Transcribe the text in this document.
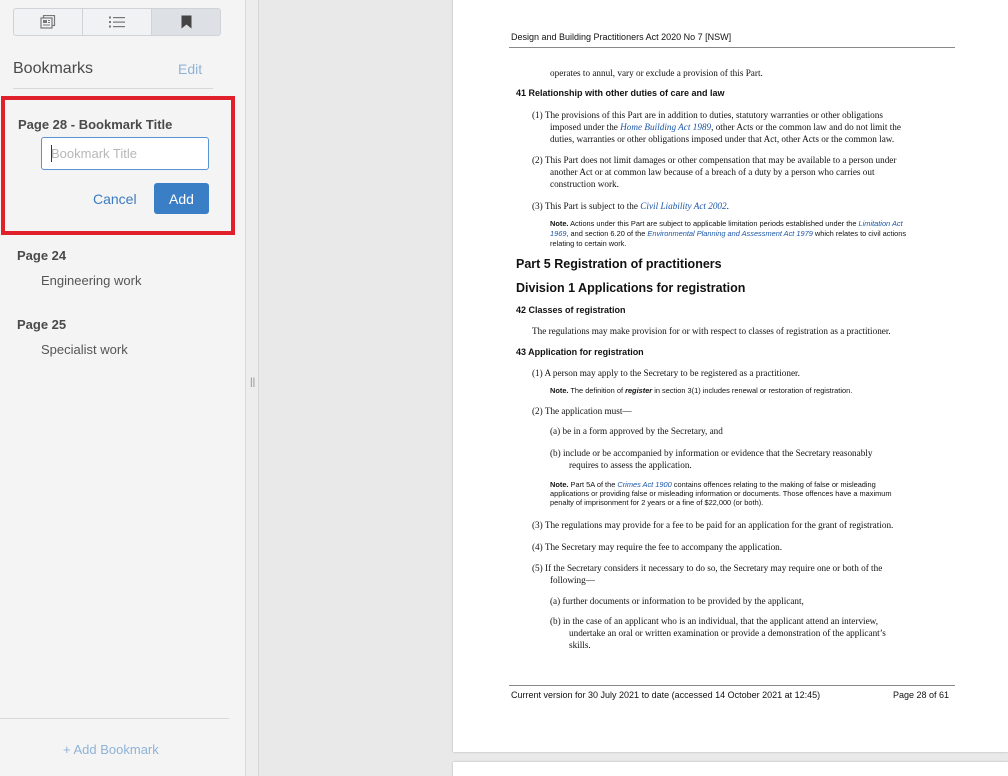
Bookmarks	Edit
Page 28 - Bookmark Title
Bookmark Title
Cancel	Add
Page 24
Engineering work
Page 25
Specialist work
+ Add Bookmark
||
Design and Building Practitioners Act 2020 No 7 [NSW]
operates to annul, vary or exclude a provision of this Part.
41 Relationship with other duties of care and law
(1) The provisions of this Part are in addition to duties, statutory warranties or other obligations
imposed under the Home Building Act 1989, other Acts or the common law and do not limit the
duties, warranties or other obligations imposed under that Act, other Acts or the common law.
(2) This Part does not limit damages or other compensation that may be available to a person under
another Act or at common law because of a breach of a duty by a person who carries out
construction work.
(3) This Part is subject to the Civil Liability Act 2002.
Note. Actions under this Part are subject to applicable limitation periods established under the Limitation Act
1969, and section 6.20 of the Environmental Planning and Assessment Act 1979 which relates to civil actions
relating to certain work.
Part 5 Registration of practitioners
Division 1 Applications for registration
42 Classes of registration
The regulations may make provision for or with respect to classes of registration as a practitioner.
43 Application for registration
(1) A person may apply to the Secretary to be registered as a practitioner.
Note. The definition of register in section 3(1) includes renewal or restoration of registration.
(2) The application must—
(a) be in a form approved by the Secretary, and
(b) include or be accompanied by information or evidence that the Secretary reasonably
requires to assess the application.
Note. Part 5A of the Crimes Act 1900 contains offences relating to the making of false or misleading
applications or providing false or misleading information or documents. Those offences have a maximum
penalty of imprisonment for 2 years or a fine of $22,000 (or both).
(3) The regulations may provide for a fee to be paid for an application for the grant of registration.
(4) The Secretary may require the fee to accompany the application.
(5) If the Secretary considers it necessary to do so, the Secretary may require one or both of the
following—
(a) further documents or information to be provided by the applicant,
(b) in the case of an applicant who is an individual, that the applicant attend an interview,
undertake an oral or written examination or provide a demonstration of the applicant’s
skills.
Current version for 30 July 2021 to date (accessed 14 October 2021 at 12:45)	Page 28 of 61
